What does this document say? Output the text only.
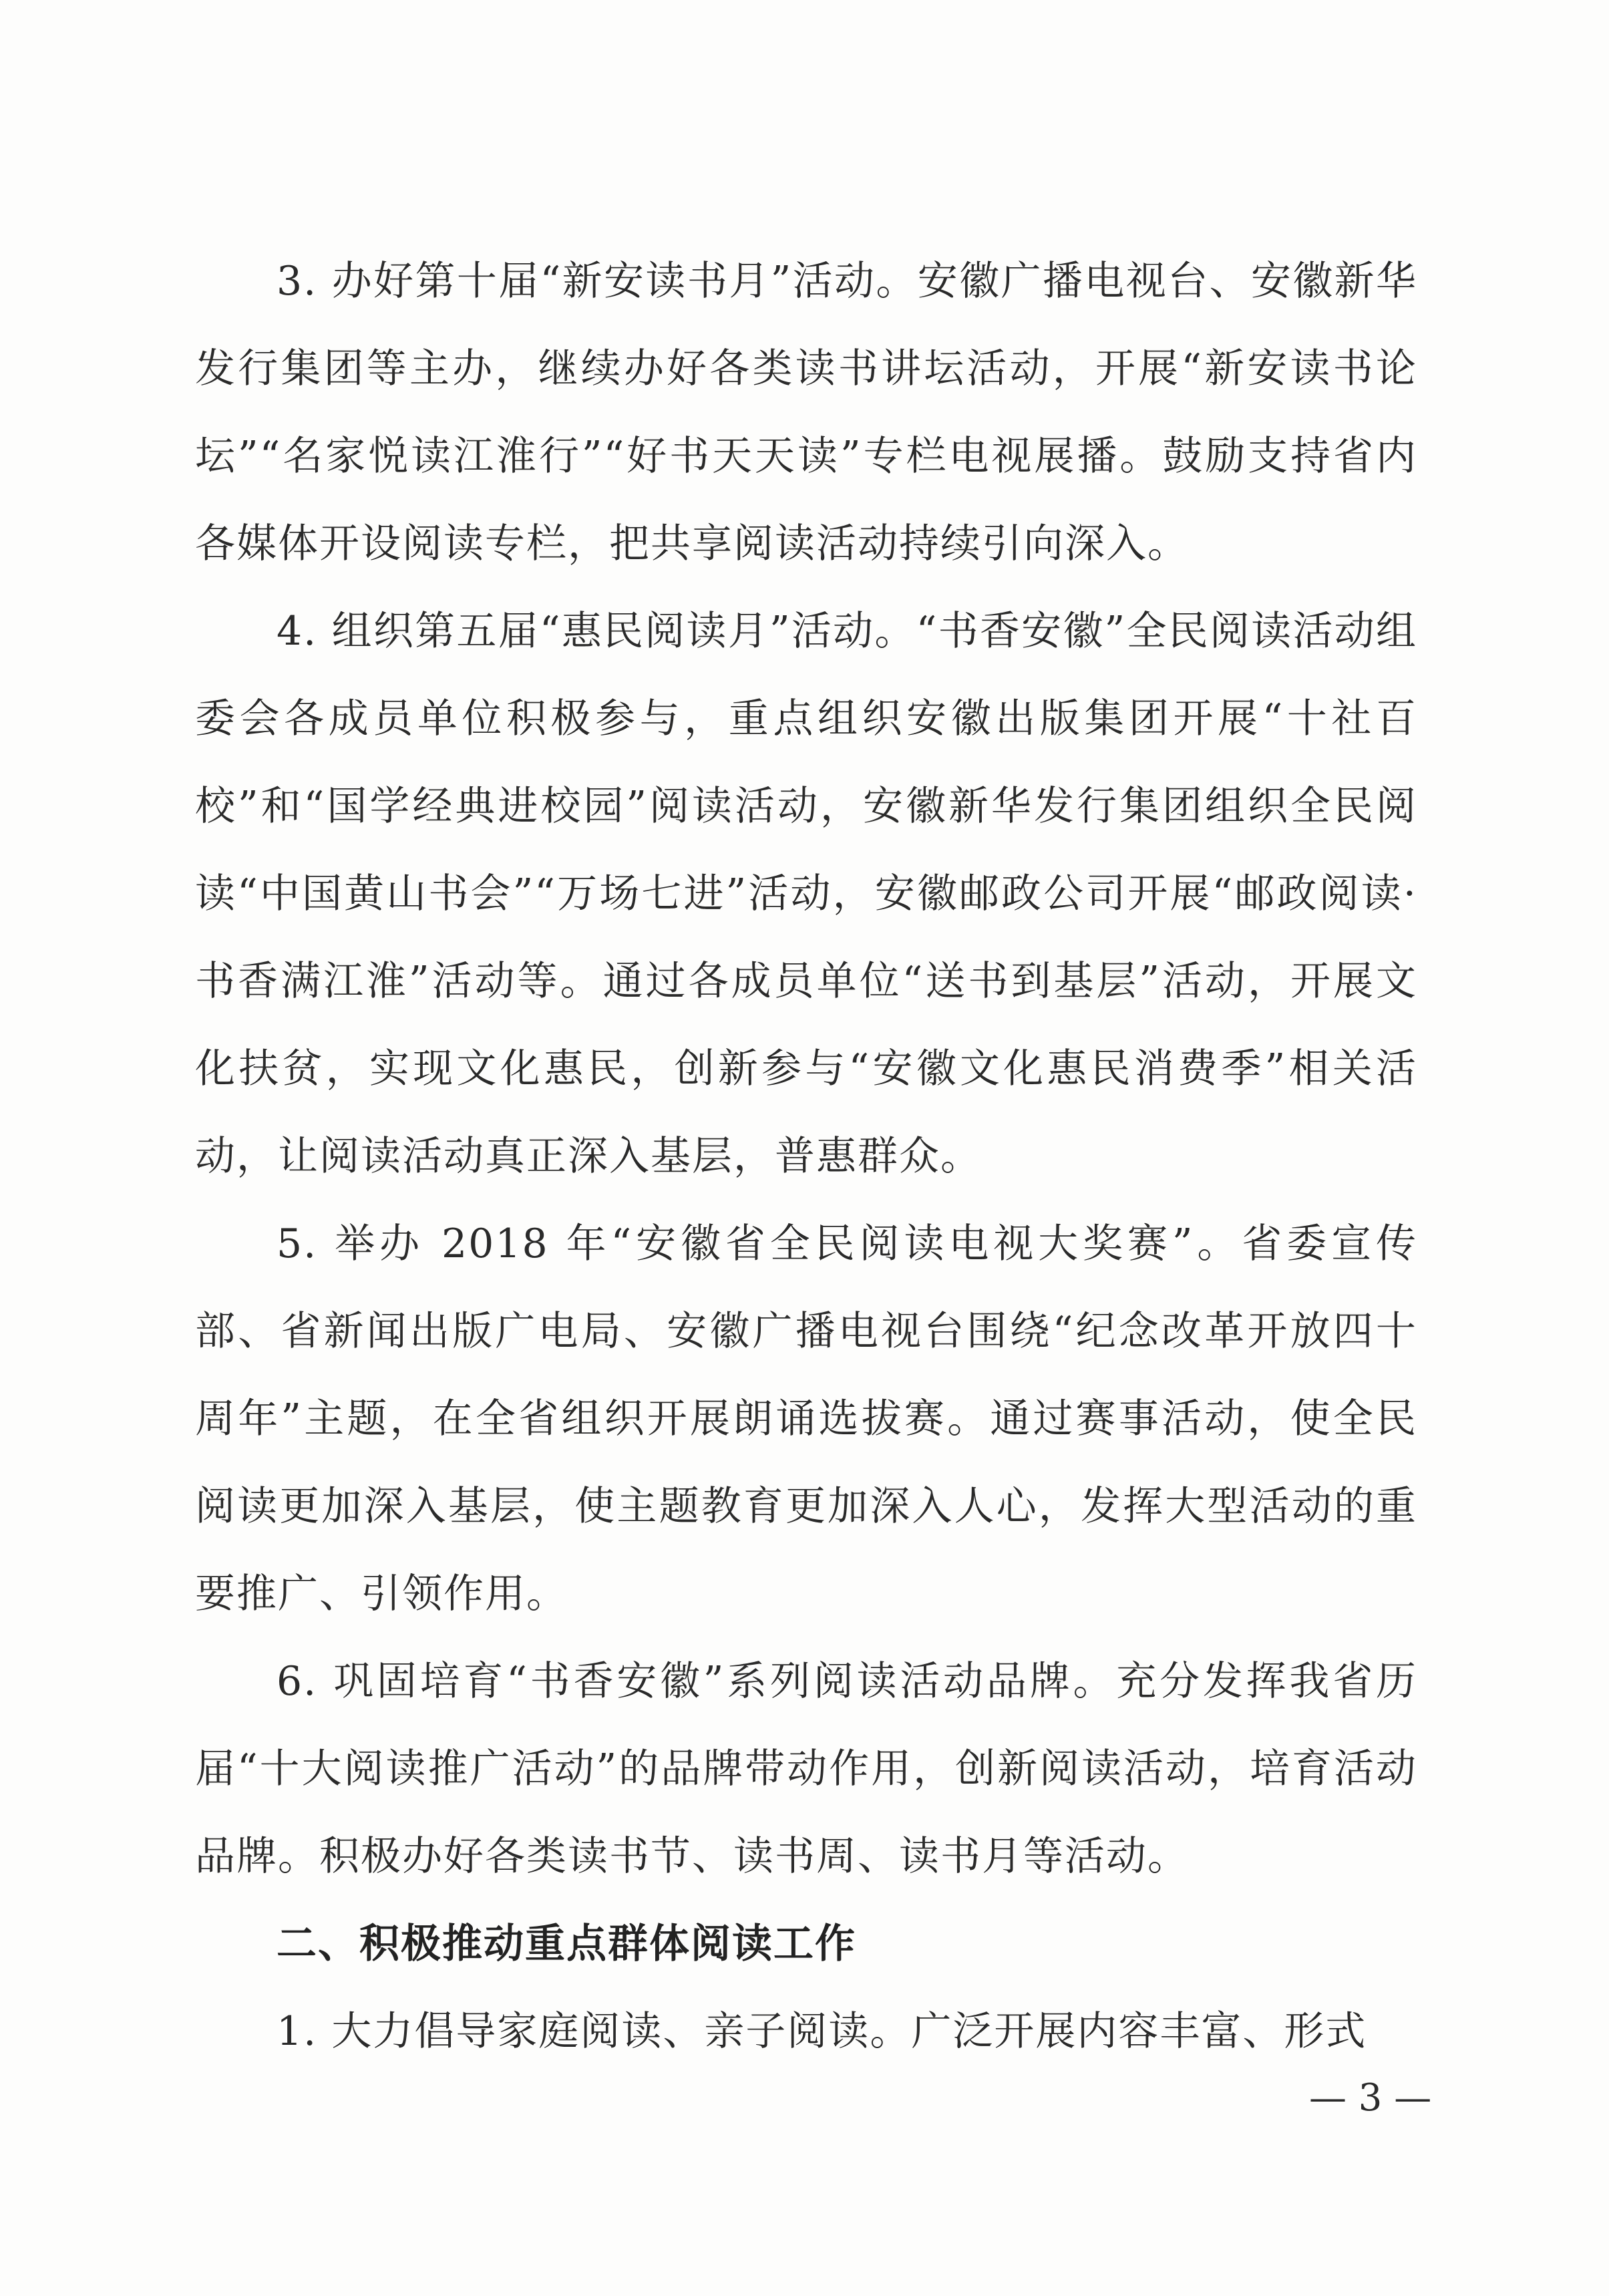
3. 办好第十届“新安读书月”活动。安徽广播电视台、安徽新华发行集团等主办，继续办好各类读书讲坛活动，开展“新安读书论坛”“名家悦读江淮行”“好书天天读”专栏电视展播。鼓励支持省内各媒体开设阅读专栏，把共享阅读活动持续引向深入。

4. 组织第五届“惠民阅读月”活动。“书香安徽”全民阅读活动组委会各成员单位积极参与，重点组织安徽出版集团开展“十社百校”和“国学经典进校园”阅读活动，安徽新华发行集团组织全民阅读“中国黄山书会”“万场七进”活动，安徽邮政公司开展“邮政阅读·书香满江淮”活动等。通过各成员单位“送书到基层”活动，开展文化扶贫，实现文化惠民，创新参与“安徽文化惠民消费季”相关活动，让阅读活动真正深入基层，普惠群众。

5. 举办 2018 年“安徽省全民阅读电视大奖赛”。省委宣传部、省新闻出版广电局、安徽广播电视台围绕“纪念改革开放四十周年”主题，在全省组织开展朗诵选拔赛。通过赛事活动，使全民阅读更加深入基层，使主题教育更加深入人心，发挥大型活动的重要推广、引领作用。

6. 巩固培育“书香安徽”系列阅读活动品牌。充分发挥我省历届“十大阅读推广活动”的品牌带动作用，创新阅读活动，培育活动品牌。积极办好各类读书节、读书周、读书月等活动。

二、积极推动重点群体阅读工作

1. 大力倡导家庭阅读、亲子阅读。广泛开展内容丰富、形式

— 3 —
